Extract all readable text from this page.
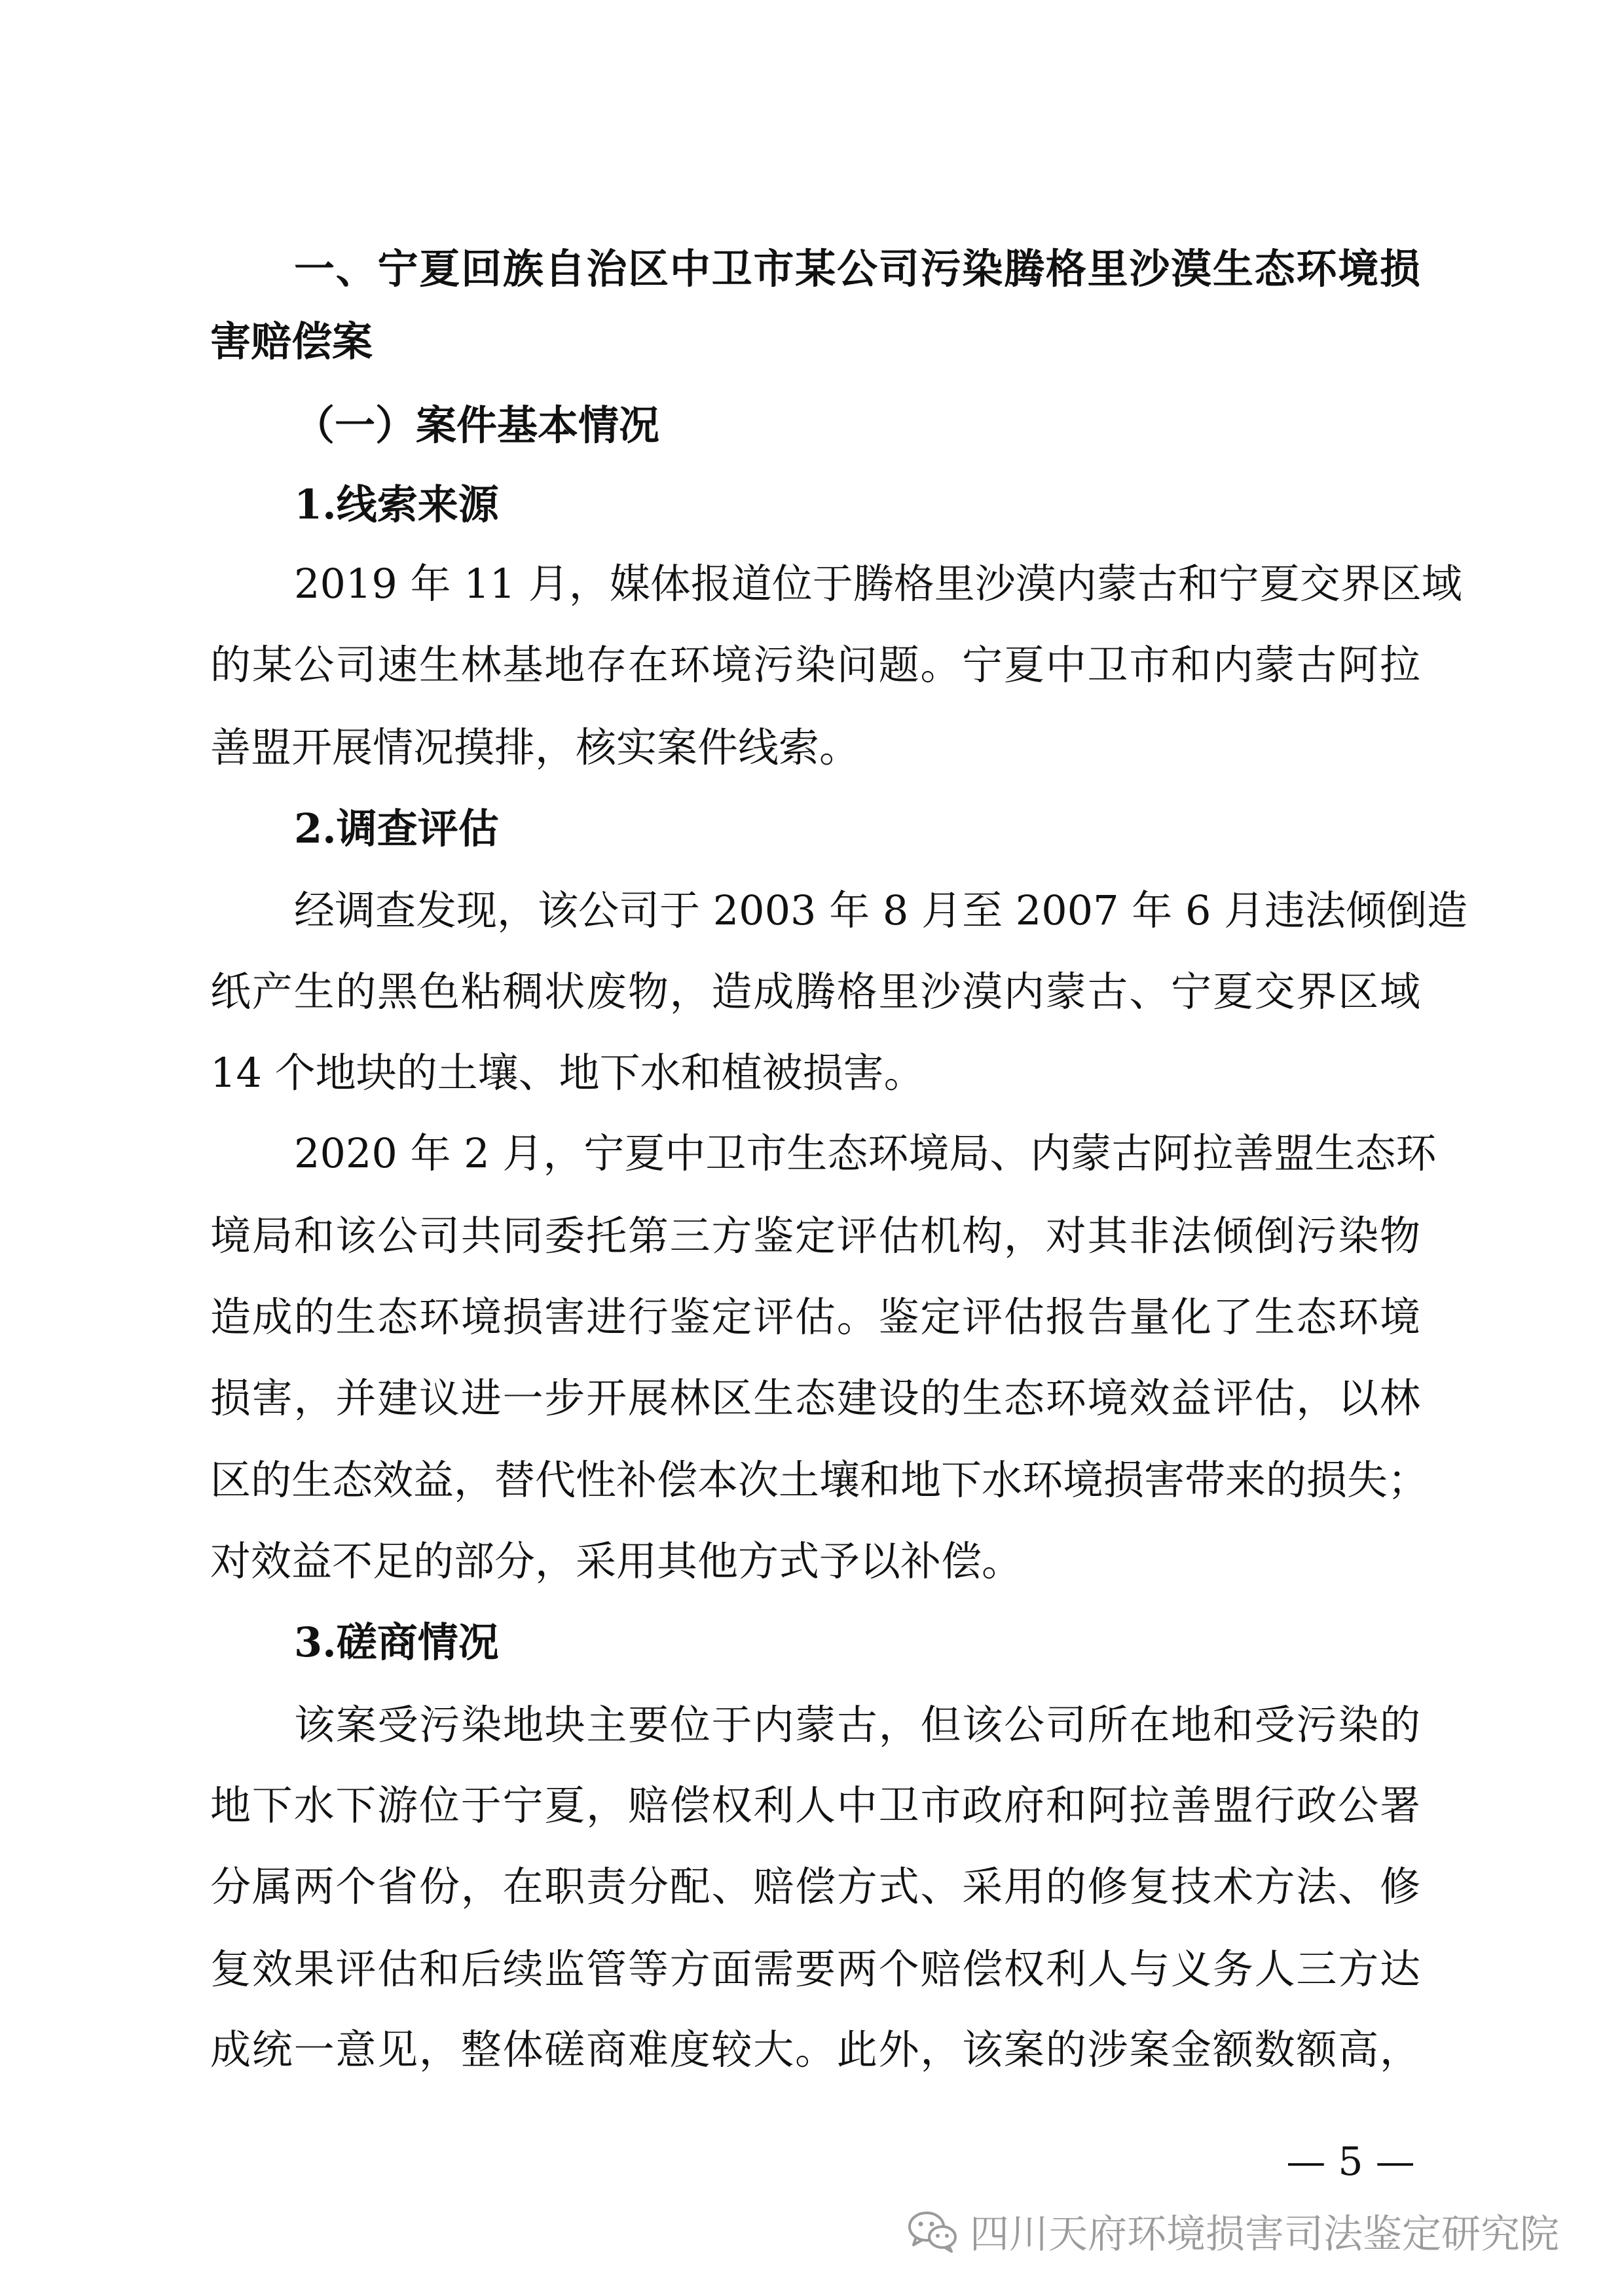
一、宁夏回族自治区中卫市某公司污染腾格里沙漠生态环境损
害赔偿案
（一）案件基本情况
1.线索来源
2019 年 11 月，媒体报道位于腾格里沙漠内蒙古和宁夏交界区域
的某公司速生林基地存在环境污染问题。宁夏中卫市和内蒙古阿拉
善盟开展情况摸排，核实案件线索。
2.调查评估
经调查发现，该公司于 2003 年 8 月至 2007 年 6 月违法倾倒造
纸产生的黑色粘稠状废物，造成腾格里沙漠内蒙古、宁夏交界区域
14 个地块的土壤、地下水和植被损害。
2020 年 2 月，宁夏中卫市生态环境局、内蒙古阿拉善盟生态环
境局和该公司共同委托第三方鉴定评估机构，对其非法倾倒污染物
造成的生态环境损害进行鉴定评估。鉴定评估报告量化了生态环境
损害，并建议进一步开展林区生态建设的生态环境效益评估，以林
区的生态效益，替代性补偿本次土壤和地下水环境损害带来的损失；
对效益不足的部分，采用其他方式予以补偿。
3.磋商情况
该案受污染地块主要位于内蒙古，但该公司所在地和受污染的
地下水下游位于宁夏，赔偿权利人中卫市政府和阿拉善盟行政公署
分属两个省份，在职责分配、赔偿方式、采用的修复技术方法、修
复效果评估和后续监管等方面需要两个赔偿权利人与义务人三方达
成统一意见，整体磋商难度较大。此外，该案的涉案金额数额高，
— 5 —
四川天府环境损害司法鉴定研究院
